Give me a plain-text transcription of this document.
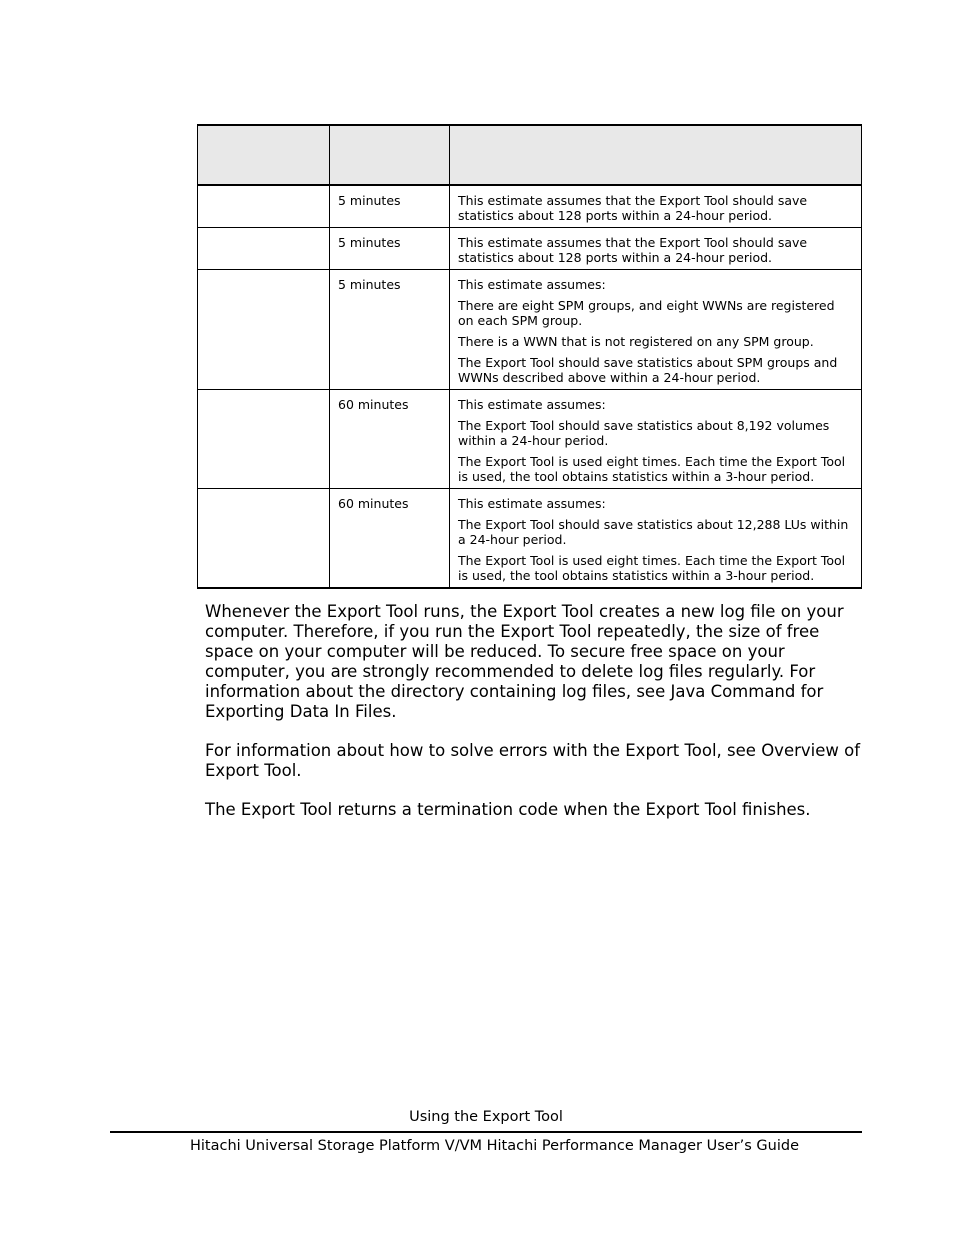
	5 minutes	This estimate assumes that the Export Tool should save statistics about 128 ports within a 24-hour period.

	5 minutes	This estimate assumes that the Export Tool should save statistics about 128 ports within a 24-hour period.

	5 minutes	This estimate assumes:

There are eight SPM groups, and eight WWNs are registered on each SPM group.

There is a WWN that is not registered on any SPM group.

The Export Tool should save statistics about SPM groups and WWNs described above within a 24-hour period.

	60 minutes	This estimate assumes:

The Export Tool should save statistics about 8,192 volumes within a 24-hour period.

The Export Tool is used eight times. Each time the Export Tool is used, the tool obtains statistics within a 3-hour period.

	60 minutes	This estimate assumes:

The Export Tool should save statistics about 12,288 LUs within a 24-hour period.

The Export Tool is used eight times. Each time the Export Tool is used, the tool obtains statistics within a 3-hour period.

Whenever the Export Tool runs, the Export Tool creates a new log file on your computer. Therefore, if you run the Export Tool repeatedly, the size of free space on your computer will be reduced. To secure free space on your computer, you are strongly recommended to delete log files regularly. For information about the directory containing log files, see Java Command for Exporting Data In Files.

For information about how to solve errors with the Export Tool, see Overview of Export Tool.

The Export Tool returns a termination code when the Export Tool finishes.

Using the Export Tool
Hitachi Universal Storage Platform V/VM Hitachi Performance Manager User’s Guide
